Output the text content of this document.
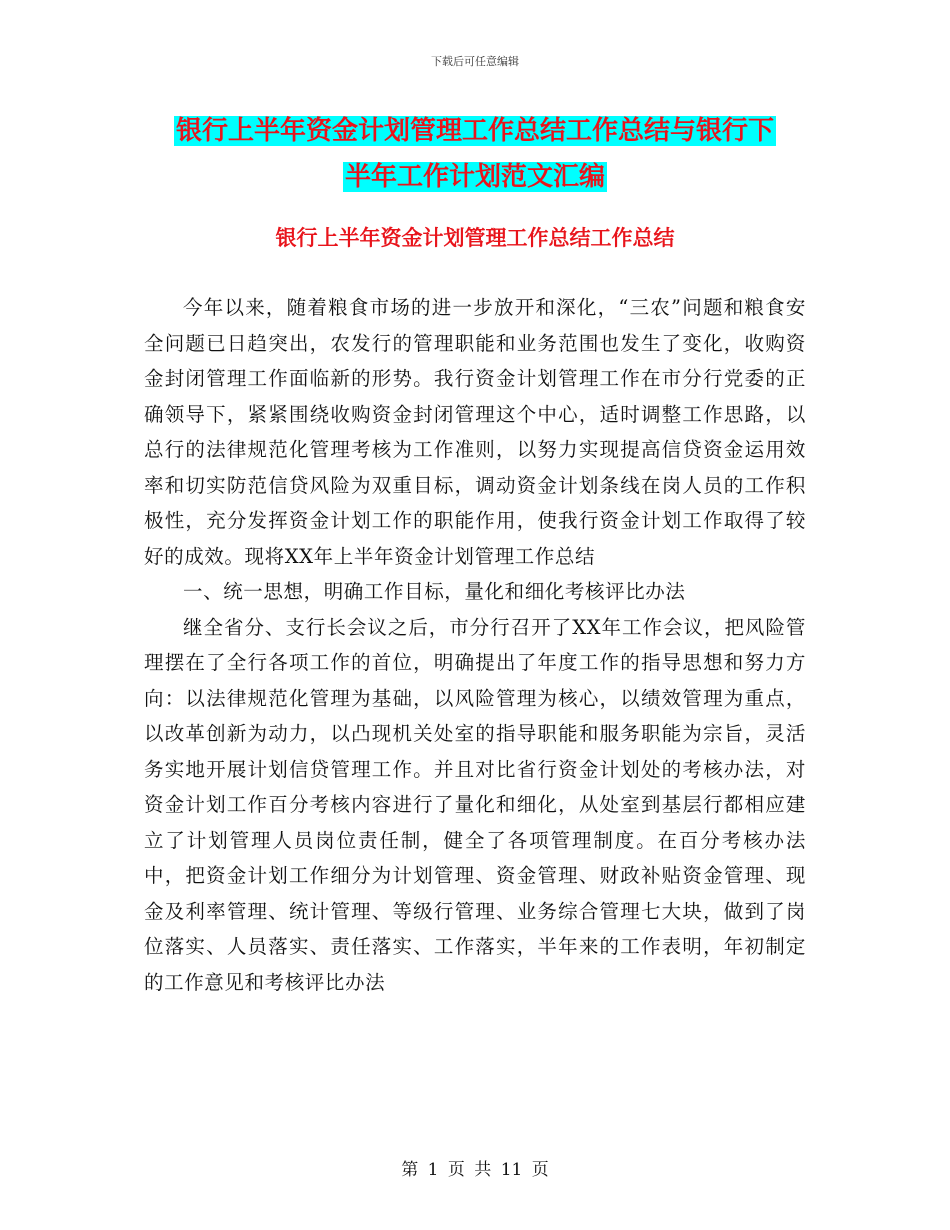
下载后可任意编辑
银行上半年资金计划管理工作总结工作总结与银行下
半年工作计划范文汇编
银行上半年资金计划管理工作总结工作总结

今年以来，随着粮食市场的进一步放开和深化，“三农”问题和粮食安全问题已日趋突出，农发行的管理职能和业务范围也发生了变化，收购资金封闭管理工作面临新的形势。我行资金计划管理工作在市分行党委的正确领导下，紧紧围绕收购资金封闭管理这个中心，适时调整工作思路，以总行的法律规范化管理考核为工作准则，以努力实现提高信贷资金运用效率和切实防范信贷风险为双重目标，调动资金计划条线在岗人员的工作积极性，充分发挥资金计划工作的职能作用，使我行资金计划工作取得了较好的成效。现将XX年上半年资金计划管理工作总结

一、统一思想，明确工作目标，量化和细化考核评比办法

继全省分、支行长会议之后，市分行召开了XX年工作会议，把风险管理摆在了全行各项工作的首位，明确提出了年度工作的指导思想和努力方向：以法律规范化管理为基础，以风险管理为核心，以绩效管理为重点，以改革创新为动力，以凸现机关处室的指导职能和服务职能为宗旨，灵活务实地开展计划信贷管理工作。并且对比省行资金计划处的考核办法，对资金计划工作百分考核内容进行了量化和细化，从处室到基层行都相应建立了计划管理人员岗位责任制，健全了各项管理制度。在百分考核办法中，把资金计划工作细分为计划管理、资金管理、财政补贴资金管理、现金及利率管理、统计管理、等级行管理、业务综合管理七大块，做到了岗位落实、人员落实、责任落实、工作落实，半年来的工作表明，年初制定的工作意见和考核评比办法

第 1 页 共 11 页
